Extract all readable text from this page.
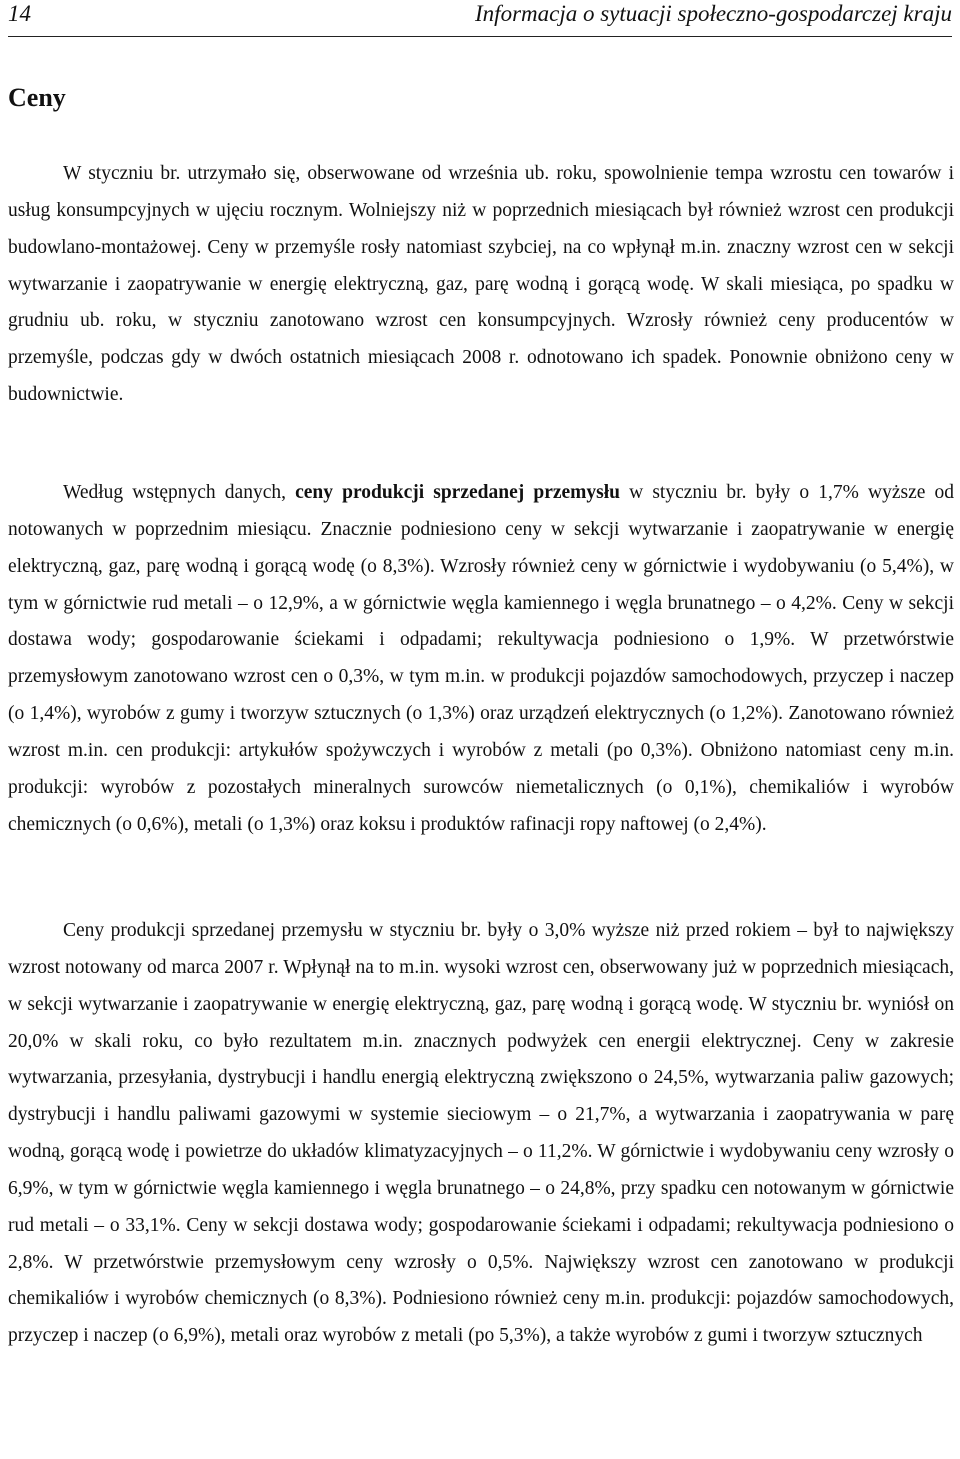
14	Informacja o sytuacji społeczno-gospodarczej kraju
Ceny

W styczniu br. utrzymało się, obserwowane od września ub. roku, spowolnienie tempa wzrostu cen towarów i usług konsumpcyjnych w ujęciu rocznym. Wolniejszy niż w poprzednich miesiącach był również wzrost cen produkcji budowlano-montażowej. Ceny w przemyśle rosły natomiast szybciej, na co wpłynął m.in. znaczny wzrost cen w sekcji wytwarzanie i zaopatrywanie w energię elektryczną, gaz, parę wodną i gorącą wodę. W skali miesiąca, po spadku w grudniu ub. roku, w styczniu zanotowano wzrost cen konsumpcyjnych. Wzrosły również ceny producentów w przemyśle, podczas gdy w dwóch ostatnich miesiącach 2008 r. odnotowano ich spadek. Ponownie obniżono ceny w budownictwie.

Według wstępnych danych, ceny produkcji sprzedanej przemysłu w styczniu br. były o 1,7% wyższe od notowanych w poprzednim miesiącu. Znacznie podniesiono ceny w sekcji wytwarzanie i zaopatrywanie w energię elektryczną, gaz, parę wodną i gorącą wodę (o 8,3%). Wzrosły również ceny w górnictwie i wydobywaniu (o 5,4%), w tym w górnictwie rud metali – o 12,9%, a w górnictwie węgla kamiennego i węgla brunatnego – o 4,2%. Ceny w sekcji dostawa wody; gospodarowanie ściekami i odpadami; rekultywacja podniesiono o 1,9%. W przetwórstwie przemysłowym zanotowano wzrost cen o 0,3%, w tym m.in. w produkcji pojazdów samochodowych, przyczep i naczep (o 1,4%), wyrobów z gumy i tworzyw sztucznych (o 1,3%) oraz urządzeń elektrycznych (o 1,2%). Zanotowano również wzrost m.in. cen produkcji: artykułów spożywczych i wyrobów z metali (po 0,3%). Obniżono natomiast ceny m.in. produkcji: wyrobów z pozostałych mineralnych surowców niemetalicznych (o 0,1%), chemikaliów i wyrobów chemicznych (o 0,6%), metali (o 1,3%) oraz koksu i produktów rafinacji ropy naftowej (o 2,4%).

Ceny produkcji sprzedanej przemysłu w styczniu br. były o 3,0% wyższe niż przed rokiem – był to największy wzrost notowany od marca 2007 r. Wpłynął na to m.in. wysoki wzrost cen, obserwowany już w poprzednich miesiącach, w sekcji wytwarzanie i zaopatrywanie w energię elektryczną, gaz, parę wodną i gorącą wodę. W styczniu br. wyniósł on 20,0% w skali roku, co było rezultatem m.in. znacznych podwyżek cen energii elektrycznej. Ceny w zakresie wytwarzania, przesyłania, dystrybucji i handlu energią elektryczną zwiększono o 24,5%, wytwarzania paliw gazowych; dystrybucji i handlu paliwami gazowymi w systemie sieciowym – o 21,7%, a wytwarzania i zaopatrywania w parę wodną, gorącą wodę i powietrze do układów klimatyzacyjnych – o 11,2%. W górnictwie i wydobywaniu ceny wzrosły o 6,9%, w tym w górnictwie węgla kamiennego i węgla brunatnego – o 24,8%, przy spadku cen notowanym w górnictwie rud metali – o 33,1%. Ceny w sekcji dostawa wody; gospodarowanie ściekami i odpadami; rekultywacja podniesiono o 2,8%. W przetwórstwie przemysłowym ceny wzrosły o 0,5%. Największy wzrost cen zanotowano w produkcji chemikaliów i wyrobów chemicznych (o 8,3%). Podniesiono również ceny m.in. produkcji: pojazdów samochodowych, przyczep i naczep (o 6,9%), metali oraz wyrobów z metali (po 5,3%), a także wyrobów z gumi i tworzyw sztucznych
